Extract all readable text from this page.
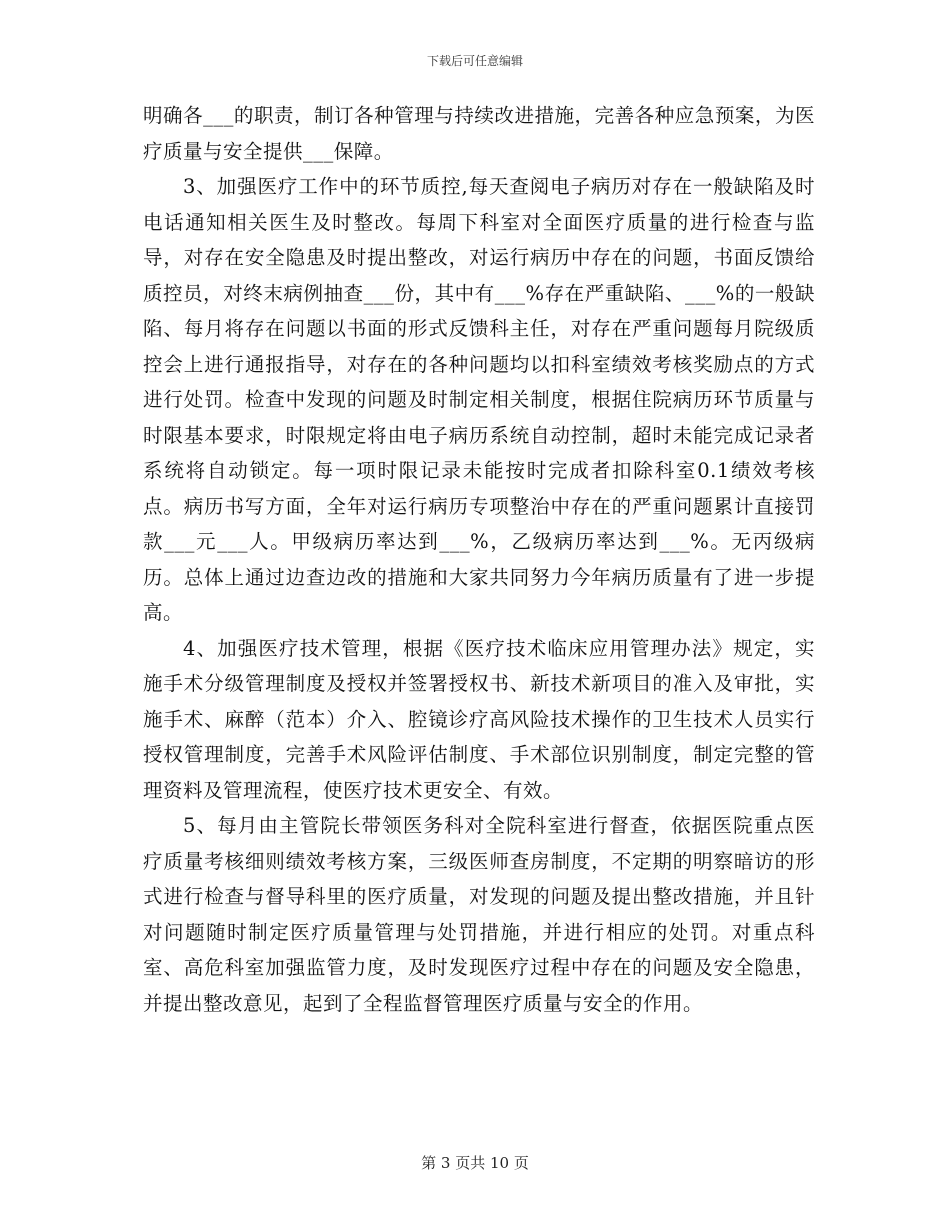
下载后可任意编辑

明确各___的职责，制订各种管理与持续改进措施，完善各种应急预案，为医疗质量与安全提供___保障。

3、加强医疗工作中的环节质控,每天查阅电子病历对存在一般缺陷及时电话通知相关医生及时整改。每周下科室对全面医疗质量的进行检查与监导，对存在安全隐患及时提出整改，对运行病历中存在的问题，书面反馈给质控员，对终末病例抽查___份，其中有___%存在严重缺陷、___%的一般缺陷、每月将存在问题以书面的形式反馈科主任，对存在严重问题每月院级质控会上进行通报指导，对存在的各种问题均以扣科室绩效考核奖励点的方式进行处罚。检查中发现的问题及时制定相关制度，根据住院病历环节质量与时限基本要求，时限规定将由电子病历系统自动控制，超时未能完成记录者系统将自动锁定。每一项时限记录未能按时完成者扣除科室0.1绩效考核点。病历书写方面，全年对运行病历专项整治中存在的严重问题累计直接罚款___元___人。甲级病历率达到___%，乙级病历率达到___%。无丙级病历。总体上通过边查边改的措施和大家共同努力今年病历质量有了进一步提高。

4、加强医疗技术管理，根据《医疗技术临床应用管理办法》规定，实施手术分级管理制度及授权并签署授权书、新技术新项目的准入及审批，实施手术、麻醉（范本）介入、腔镜诊疗高风险技术操作的卫生技术人员实行授权管理制度，完善手术风险评估制度、手术部位识别制度，制定完整的管理资料及管理流程，使医疗技术更安全、有效。

5、每月由主管院长带领医务科对全院科室进行督查，依据医院重点医疗质量考核细则绩效考核方案，三级医师查房制度，不定期的明察暗访的形式进行检查与督导科里的医疗质量，对发现的问题及提出整改措施，并且针对问题随时制定医疗质量管理与处罚措施，并进行相应的处罚。对重点科室、高危科室加强监管力度，及时发现医疗过程中存在的问题及安全隐患，并提出整改意见，起到了全程监督管理医疗质量与安全的作用。

第 3 页共 10 页
